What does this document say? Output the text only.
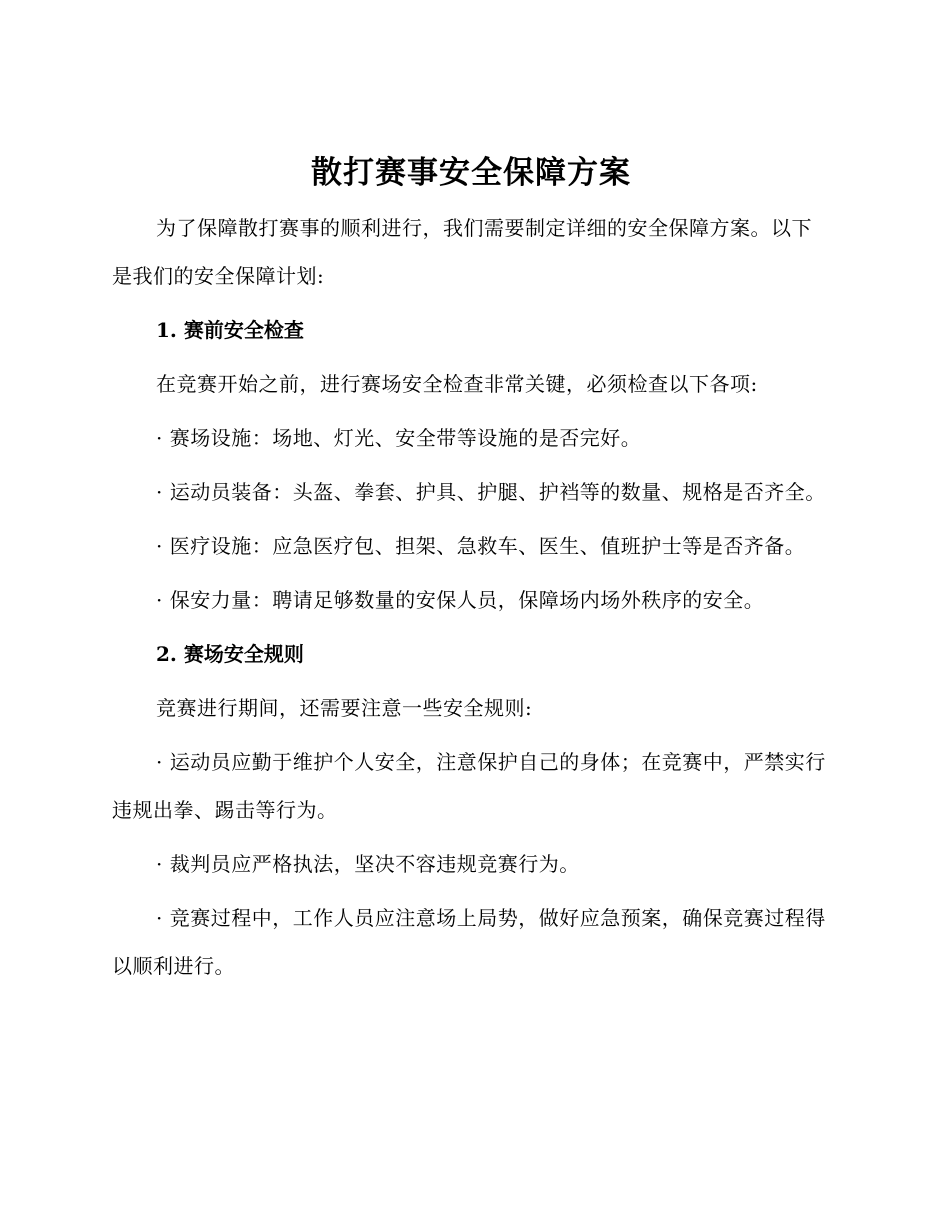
散打赛事安全保障方案

为了保障散打赛事的顺利进行，我们需要制定详细的安全保障方案。以下是我们的安全保障计划:

1. 赛前安全检查

在竞赛开始之前，进行赛场安全检查非常关键，必须检查以下各项:

· 赛场设施：场地、灯光、安全带等设施的是否完好。

· 运动员装备：头盔、拳套、护具、护腿、护裆等的数量、规格是否齐全。

· 医疗设施：应急医疗包、担架、急救车、医生、值班护士等是否齐备。

· 保安力量：聘请足够数量的安保人员，保障场内场外秩序的安全。

2. 赛场安全规则

竞赛进行期间，还需要注意一些安全规则:

· 运动员应勤于维护个人安全，注意保护自己的身体；在竞赛中，严禁实行违规出拳、踢击等行为。

· 裁判员应严格执法，坚决不容违规竞赛行为。

· 竞赛过程中，工作人员应注意场上局势，做好应急预案，确保竞赛过程得以顺利进行。
